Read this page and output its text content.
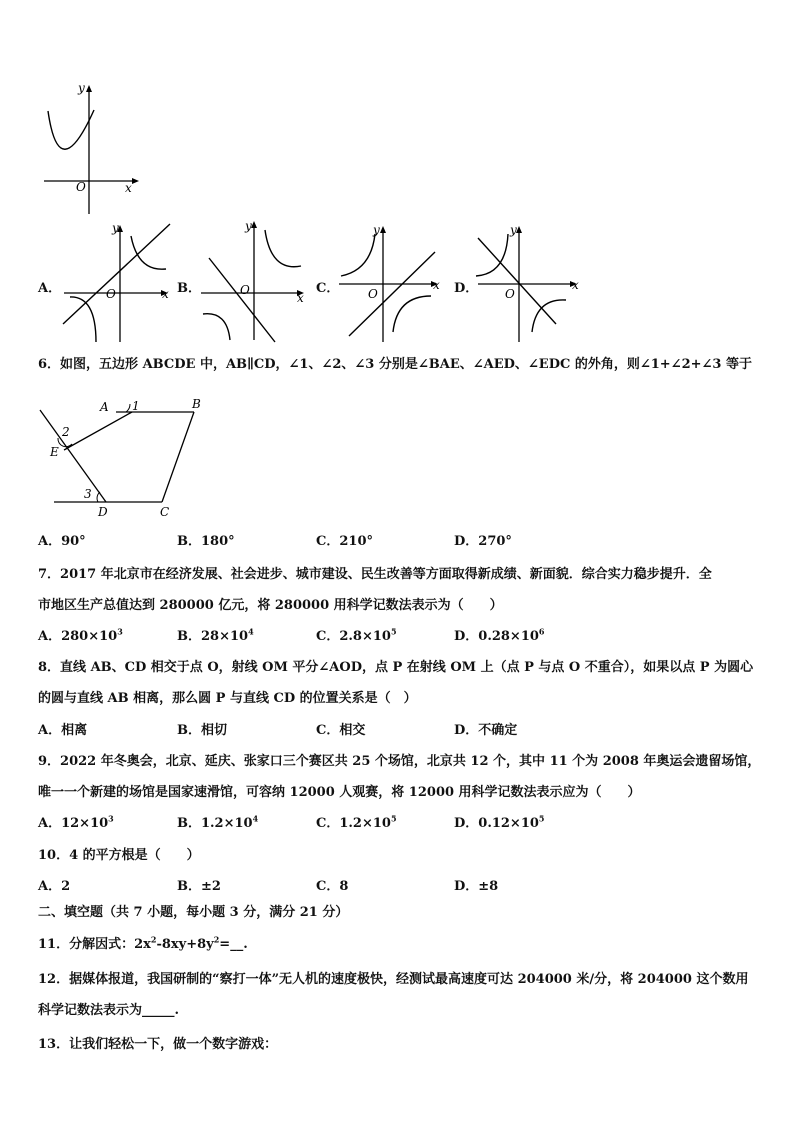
y
x
O
A．
y
x
O	B．
y
x
O	C．
y
x
O	D．
y
x
O
6．如图，五边形 ABCDE 中，AB∥CD，∠1、∠2、∠3 分别是∠BAE、∠AED、∠EDC 的外角，则∠1+∠2+∠3 等于
A	B
C
D
E
1
2
3
A．90°	B．180°	C．210°	D．270°
7．2017 年北京市在经济发展、社会进步、城市建设、民生改善等方面取得新成绩、新面貌．综合实力稳步提升．全
市地区生产总值达到 280000 亿元，将 280000 用科学记数法表示为（　　）
A．$280\times 10^3$	B．$28\times 10^4$	C．$2.8\times 10^5$	D．$0.28\times 10^6$
8．直线 AB、CD 相交于点 O，射线 OM 平分∠AOD，点 P 在射线 OM 上（点 P 与点 O 不重合），如果以点 P 为圆心
的圆与直线 AB 相离，那么圆 P 与直线 CD 的位置关系是（　）
A．相离	B．相切	C．相交	D．不确定
9．2022 年冬奥会，北京、延庆、张家口三个赛区共 25 个场馆，北京共 12 个，其中 11 个为 2008 年奥运会遗留场馆，
唯一一个新建的场馆是国家速滑馆，可容纳 12000 人观赛，将 12000 用科学记数法表示应为（　　）
A．$12\times 10^3$	B．$1.2\times 10^4$	C．$1.2\times 10^5$	D．$0.12\times 10^5$
10．4 的平方根是（　　）
A．2	B．±2	C．8	D．±8
二、填空题（共 7 小题，每小题 3 分，满分 21 分）
11．分解因式：$2x^2-8xy+8y^2=\_\_$.
12．据媒体报道，我国研制的“察打一体”无人机的速度极快，经测试最高速度可达 204000 米/分，将 204000 这个数用
科学记数法表示为_____.
13．让我们轻松一下，做一个数字游戏：
